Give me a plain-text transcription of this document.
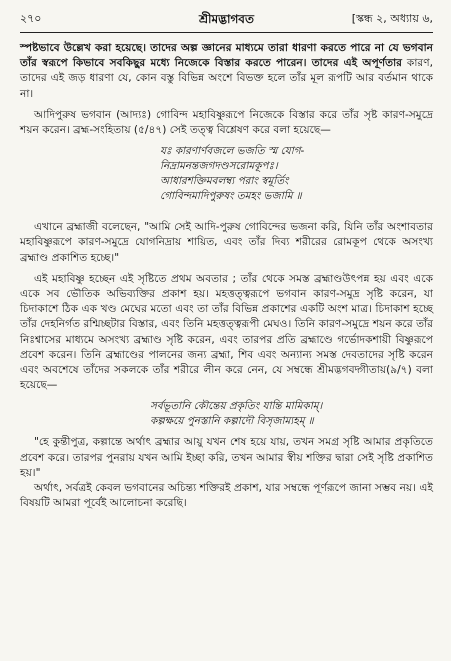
২৭০	শ্রীমদ্ভাগবত	[স্কন্ধ ২, অধ্যায় ৬,

স্পষ্টভাবে উল্লেখ করা হয়েছে। তাদের অল্প জ্ঞানের মাধ্যমে তারা ধারণা করতে পারে না যে ভগবান তাঁর স্বরূপে কিভাবে সবকিছুর মধ্যে নিজেকে বিস্তার করতে পারেন। তাদের এই অপূর্ণতার কারণ, তাদের এই জড় ধারণা যে, কোন বস্তু বিভিন্ন অংশে বিভক্ত হলে তাঁর মূল রূপটি আর বর্তমান থাকে না।

আদিপুরুষ ভগবান (আদ্যঃ) গোবিন্দ মহাবিষ্ণুরূপে নিজেকে বিস্তার করে তাঁর সৃষ্ট কারণ-সমুদ্রে শয়ন করেন। ব্রহ্ম-সংহিতায় (৫/৪৭) সেই তত্ত্ব বিশ্লেষণ করে বলা হয়েছে—

যঃ কারণার্ণবজলে ভজতি স্ম যোগ-
নিদ্রামনন্তজগদণ্ডসরোমকূপঃ।
আধারশক্তিমবলম্ব্য পরাং স্বমূর্তিং
গোবিন্দমাদিপুরুষং তমহং ভজামি ॥

এখানে ব্রহ্মাজী বলেছেন, "আমি সেই আদি-পুরুষ গোবিন্দের ভজনা করি, যিনি তাঁর অংশাবতার মহাবিষ্ণুরূপে কারণ-সমুদ্রে যোগনিদ্রায় শায়িত, এবং তাঁর দিব্য শরীরের রোমকূপ থেকে অসংখ্য ব্রহ্মাণ্ড প্রকাশিত হচ্ছে।"

এই মহাবিষ্ণু হচ্ছেন এই সৃষ্টিতে প্রথম অবতার ; তাঁর থেকে সমস্ত ব্রহ্মাণ্ডউৎপন্ন হয় এবং একে একে সব ভৌতিক অভিব্যক্তির প্রকাশ হয়। মহত্তত্ত্বরূপে ভগবান কারণ-সমুদ্র সৃষ্টি করেন, যা চিদাকাশে ঠিক এক খণ্ড মেঘের মতো এবং তা তাঁর বিভিন্ন প্রকাশের একটি অংশ মাত্র। চিদাকাশ হচ্ছে তাঁর দেহনির্গত রশ্মিচ্ছটার বিস্তার, এবং তিনি মহত্তত্ত্বরূপী মেঘও। তিনি কারণ-সমুদ্রে শয়ন করে তাঁর নিঃশ্বাসের মাধ্যমে অসংখ্য ব্রহ্মাণ্ড সৃষ্টি করেন, এবং তারপর প্রতি ব্রহ্মাণ্ডে গর্ভোদকশায়ী বিষ্ণুরূপে প্রবেশ করেন। তিনি ব্রহ্মাণ্ডের পালনের জন্য ব্রহ্মা, শিব এবং অন্যান্য সমস্ত দেবতাদের সৃষ্টি করেন এবং অবশেষে তাঁদের সকলকে তাঁর শরীরে লীন করে নেন, যে সম্বন্ধে শ্রীমদ্ভগবদ্গীতায়(৯/৭) বলা হয়েছে—

সর্বভূতানি কৌন্তেয় প্রকৃতিং যান্তি মামিকাম্।
কল্পক্ষয়ে পুনস্তানি কল্পাদৌ বিসৃজাম্যহম্ ॥

"হে কুন্তীপুত্র, কল্পান্তে অর্থাৎ ব্রহ্মার আয়ু যখন শেষ হয়ে যায়, তখন সমগ্র সৃষ্টি আমার প্রকৃতিতে প্রবেশ করে। তারপর পুনরায় যখন আমি ইচ্ছা করি, তখন আমার স্বীয় শক্তির দ্বারা সেই সৃষ্টি প্রকাশিত হয়।"

অর্থাৎ, সর্বত্রই কেবল ভগবানের অচিন্ত্য শক্তিরই প্রকাশ, যার সম্বন্ধে পূর্ণরূপে জানা সম্ভব নয়। এই বিষয়টি আমরা পূর্বেই আলোচনা করেছি।
